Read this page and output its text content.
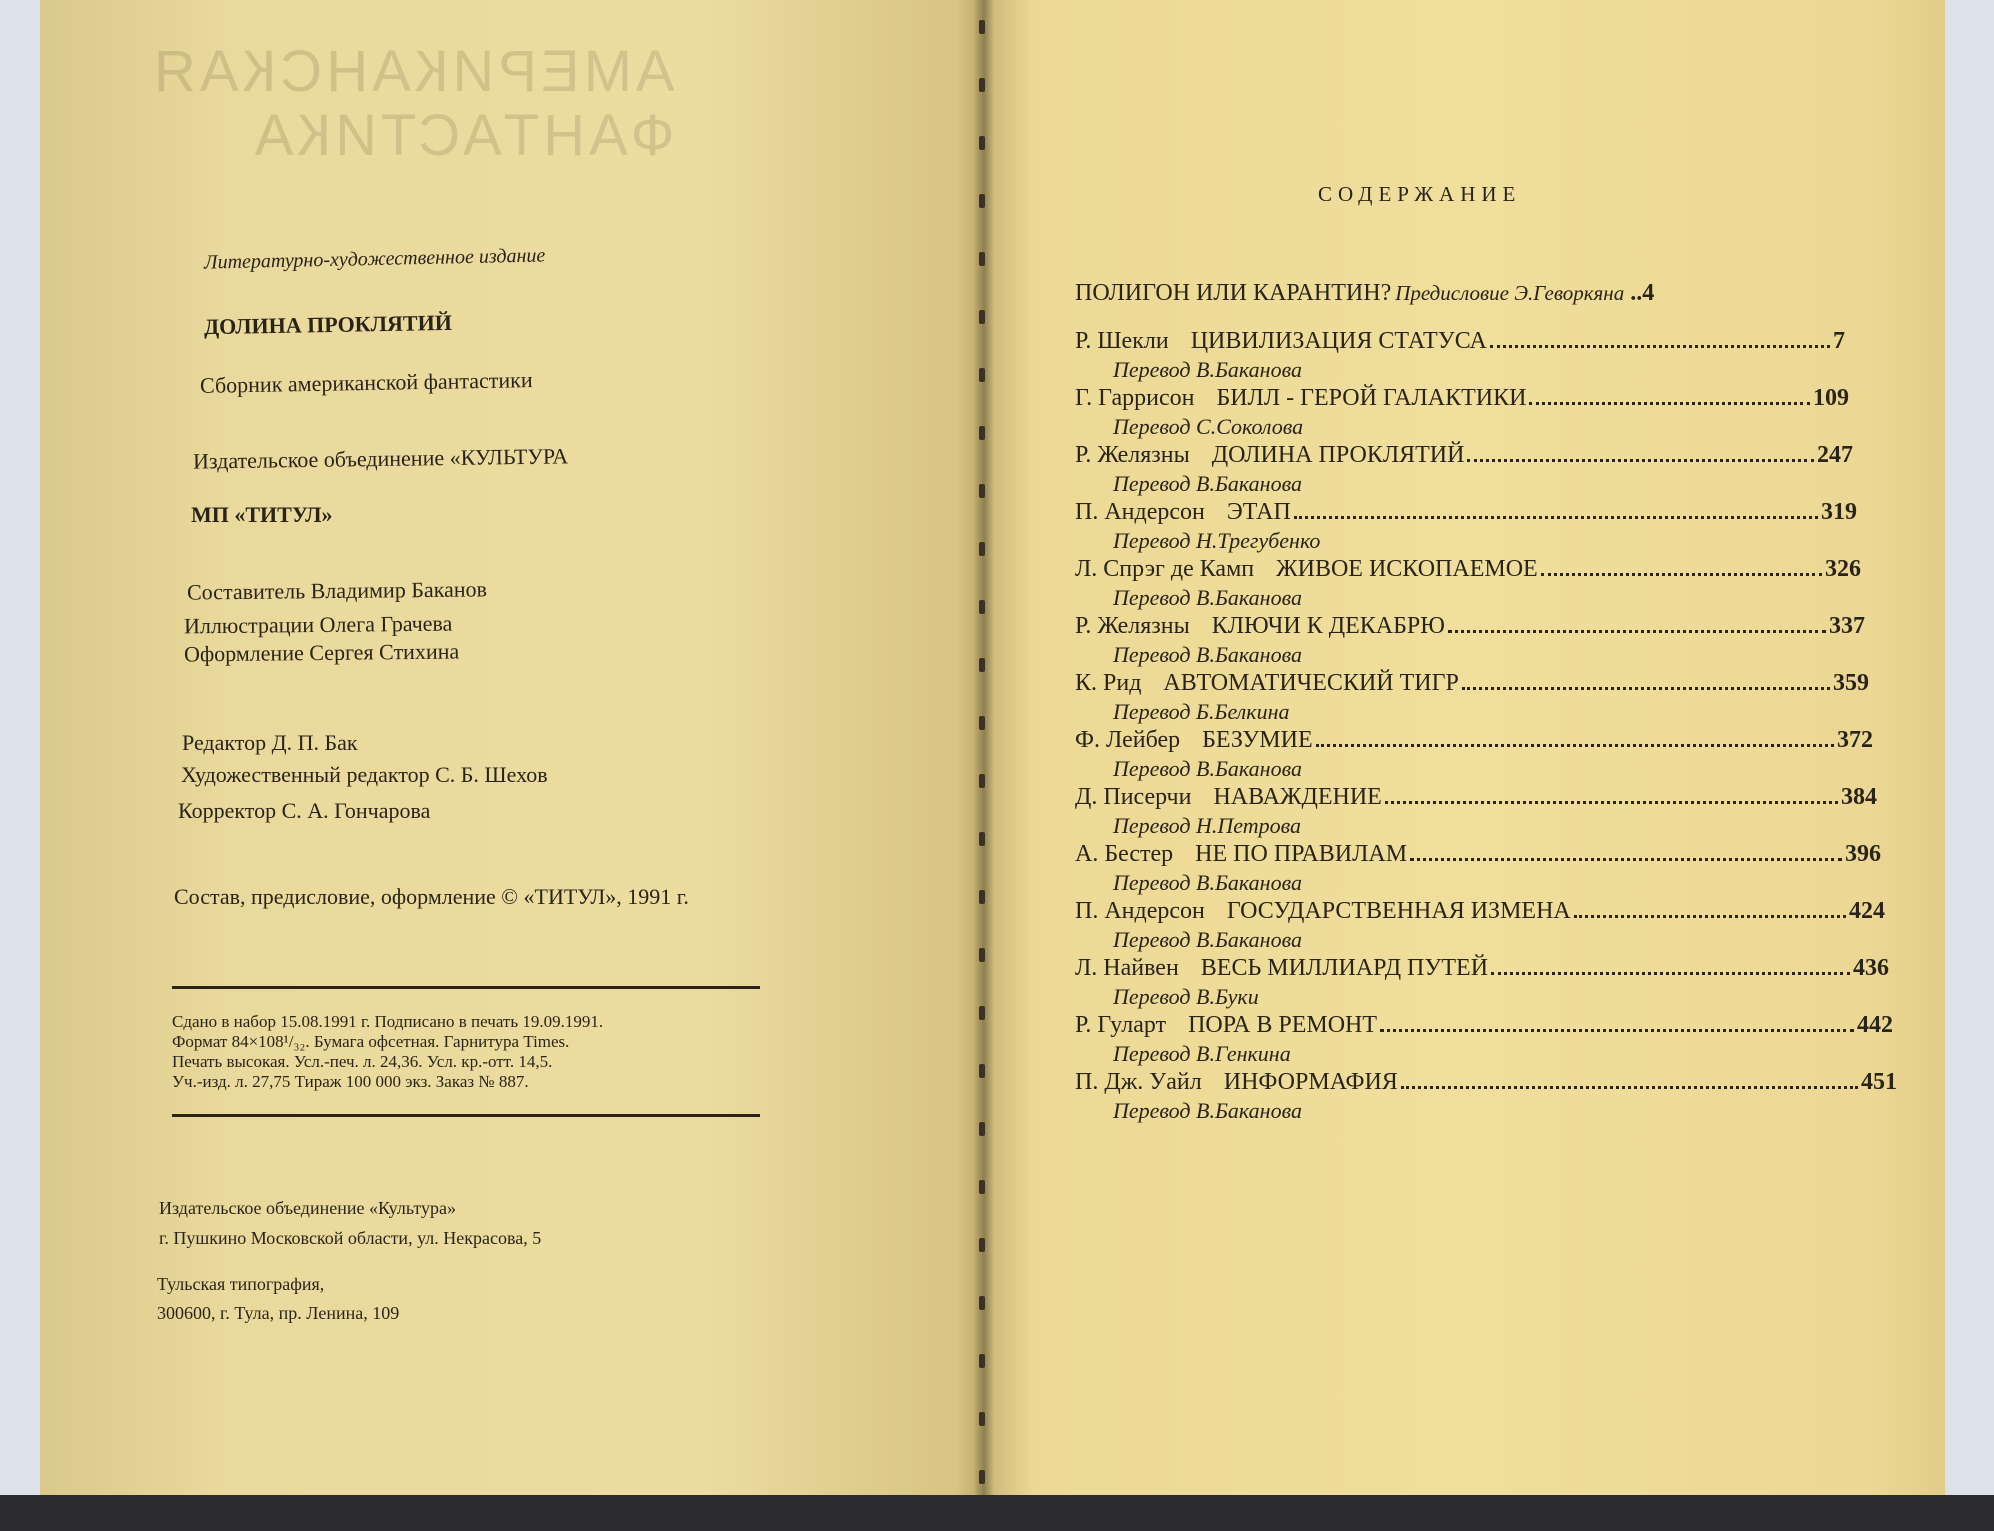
АМЕРИКАНСКАЯ
ФАНТАСТИКА
Литературно-художественное издание
ДОЛИНА ПРОКЛЯТИЙ
Сборник американской фантастики
Издательское объединение «КУЛЬТУРА
МП «ТИТУЛ»
Составитель Владимир Баканов
Иллюстрации Олега Грачева
Оформление Сергея Стихина
Редактор Д. П. Бак
Художественный редактор С. Б. Шехов
Корректор С. А. Гончарова
Состав, предисловие, оформление © «ТИТУЛ», 1991 г.
Сдано в набор 15.08.1991 г. Подписано в печать 19.09.1991.
Формат 84×108¹/₃₂. Бумага офсетная. Гарнитура Times.
Печать высокая. Усл.-печ. л. 24,36. Усл. кр.-отт. 14,5.
Уч.-изд. л. 27,75 Тираж 100 000 экз. Заказ № 887.
Издательское объединение «Культура»
г. Пушкино Московской области, ул. Некрасова, 5
Тульская типография,
300600, г. Тула, пр. Ленина, 109
СОДЕРЖАНИЕ
ПОЛИГОН ИЛИ КАРАНТИН? Предисловие Э.Геворкяна ..4
Р. Шекли ЦИВИЛИЗАЦИЯ СТАТУСА	7
Перевод В.Баканова
Г. Гаррисон БИЛЛ - ГЕРОЙ ГАЛАКТИКИ	109
Перевод С.Соколова
Р. Желязны ДОЛИНА ПРОКЛЯТИЙ	247
Перевод В.Баканова
П. Андерсон ЭТАП	319
Перевод Н.Трегубенко
Л. Спрэг де Камп ЖИВОЕ ИСКОПАЕМОЕ	326
Перевод В.Баканова
Р. Желязны КЛЮЧИ К ДЕКАБРЮ	337
Перевод В.Баканова
К. Рид АВТОМАТИЧЕСКИЙ ТИГР	359
Перевод Б.Белкина
Ф. Лейбер БЕЗУМИЕ	372
Перевод В.Баканова
Д. Писерчи НАВАЖДЕНИЕ	384
Перевод Н.Петрова
А. Бестер НЕ ПО ПРАВИЛАМ	396
Перевод В.Баканова
П. Андерсон ГОСУДАРСТВЕННАЯ ИЗМЕНА	424
Перевод В.Баканова
Л. Найвен ВЕСЬ МИЛЛИАРД ПУТЕЙ	436
Перевод В.Буки
Р. Гуларт ПОРА В РЕМОНТ	442
Перевод В.Генкина
П. Дж. Уайл ИНФОРМАФИЯ	451
Перевод В.Баканова
